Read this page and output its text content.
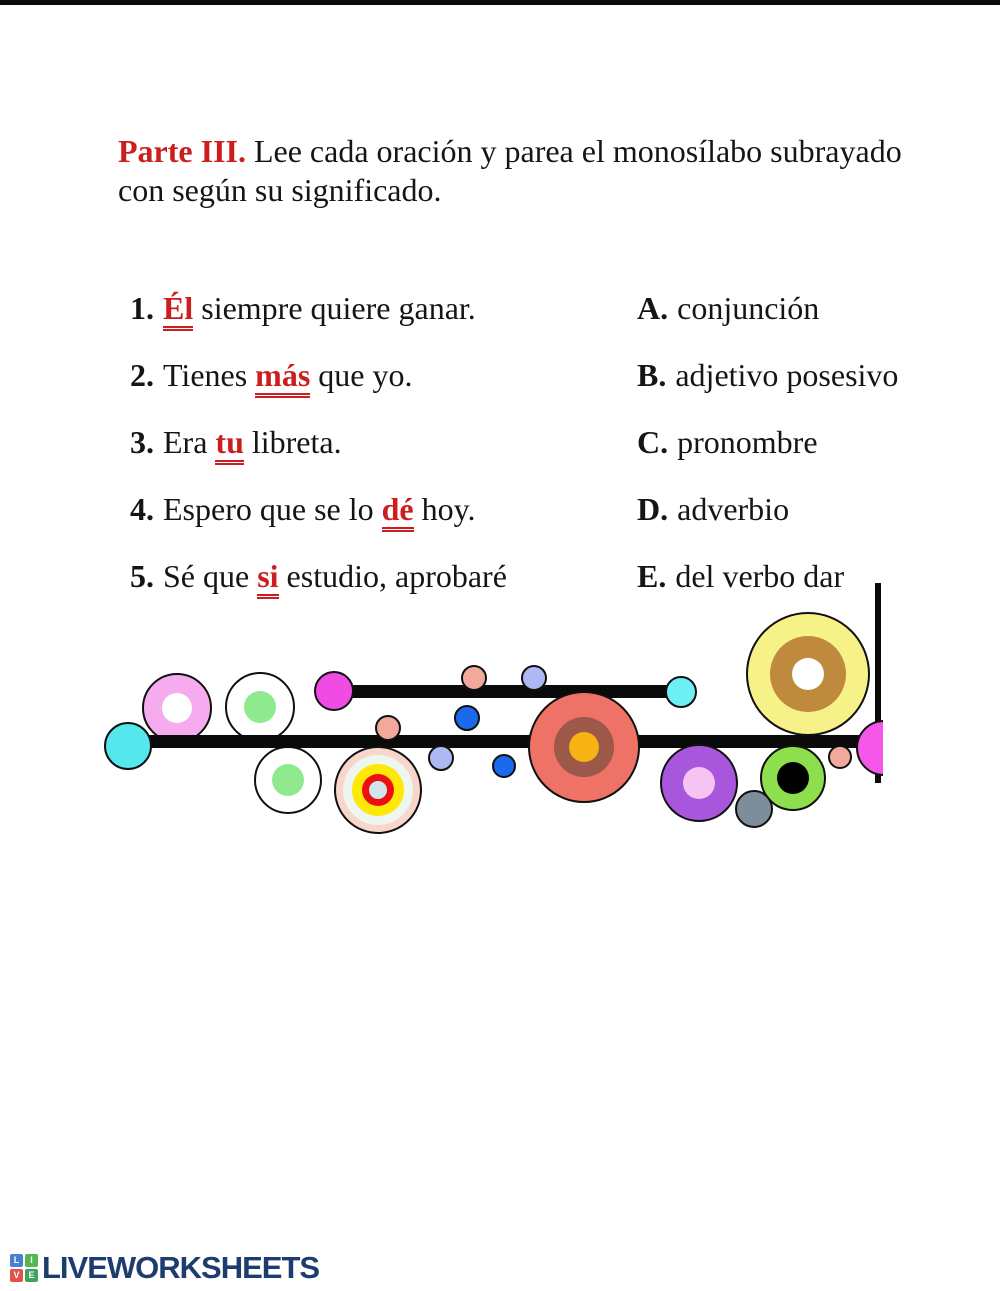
Parte III. Lee cada oración y parea el monosílabo subrayado
con según su significado.

1. Él siempre quiere ganar.
2. Tienes más que yo.
3. Era tu libreta.
4. Espero que se lo dé hoy.
5. Sé que si estudio, aprobaré
A. conjunción
B. adjetivo posesivo
C. pronombre
D. adverbio
E. del verbo dar
L	I
V E LIVEWORKSHEETS
